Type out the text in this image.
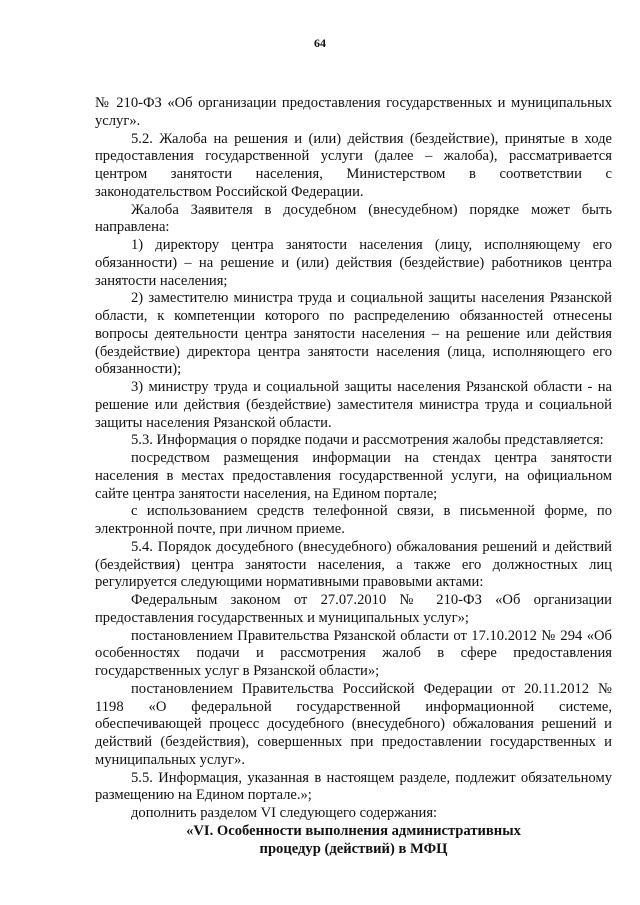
64

№ 210-ФЗ «Об организации предоставления государственных и муниципальных услуг».

5.2. Жалоба на решения и (или) действия (бездействие), принятые в ходе предоставления государственной услуги (далее – жалоба), рассматривается центром занятости населения, Министерством в соответствии с законодательством Российской Федерации.

Жалоба Заявителя в досудебном (внесудебном) порядке может быть направлена:

1) директору центра занятости населения (лицу, исполняющему его обязанности) – на решение и (или) действия (бездействие) работников центра занятости населения;

2) заместителю министра труда и социальной защиты населения Рязанской области, к компетенции которого по распределению обязанностей отнесены вопросы деятельности центра занятости населения – на решение или действия (бездействие) директора центра занятости населения (лица, исполняющего его обязанности);

3) министру труда и социальной защиты населения Рязанской области - на решение или действия (бездействие) заместителя министра труда и социальной защиты населения Рязанской области.

5.3. Информация о порядке подачи и рассмотрения жалобы представляется:

посредством размещения информации на стендах центра занятости населения в местах предоставления государственной услуги, на официальном сайте центра занятости населения, на Едином портале;

с использованием средств телефонной связи, в письменной форме, по электронной почте, при личном приеме.

5.4. Порядок досудебного (внесудебного) обжалования решений и действий (бездействия) центра занятости населения, а также его должностных лиц регулируется следующими нормативными правовыми актами:

Федеральным законом от 27.07.2010 № 210-ФЗ «Об организации предоставления государственных и муниципальных услуг»;

постановлением Правительства Рязанской области от 17.10.2012 № 294 «Об особенностях подачи и рассмотрения жалоб в сфере предоставления государственных услуг в Рязанской области»;

постановлением Правительства Российской Федерации от 20.11.2012 № 1198 «О федеральной государственной информационной системе, обеспечивающей процесс досудебного (внесудебного) обжалования решений и действий (бездействия), совершенных при предоставлении государственных и муниципальных услуг».

5.5. Информация, указанная в настоящем разделе, подлежит обязательному размещению на Едином портале.»;

дополнить разделом VI следующего содержания:

«VI. Особенности выполнения административных

процедур (действий) в МФЦ
